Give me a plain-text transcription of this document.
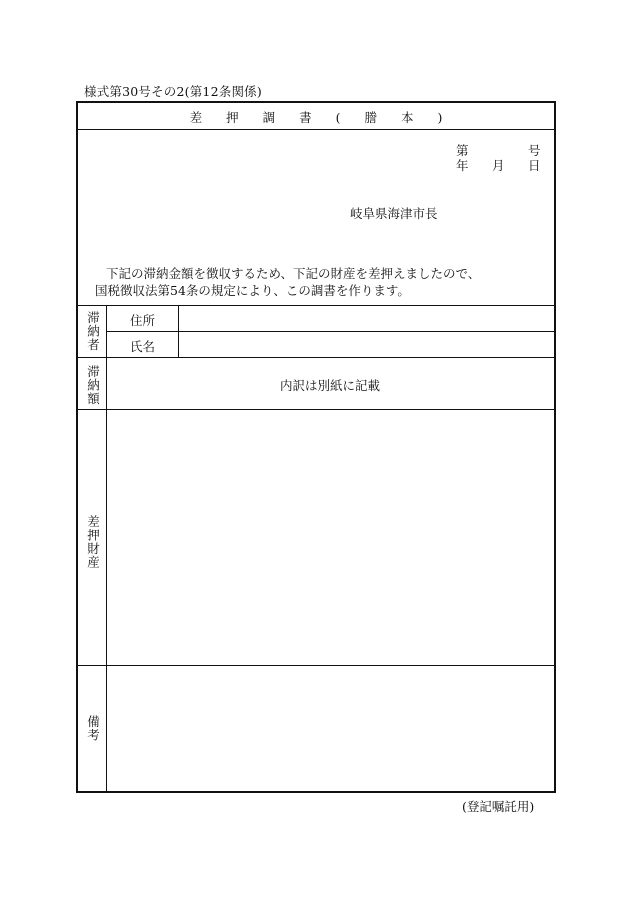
様式第30号その2(第12条関係)
差 押 調 書 ( 謄 本 )
第	号
年 月 日
岐阜県海津市長
下記の滞納金額を徴収するため、下記の財産を差押えましたので、
国税徴収法第54条の規定により、この調書を作ります。
滞納者 住所
氏名
滞納額	内訳は別紙に記載
差押財産
備考
(登記嘱託用)
